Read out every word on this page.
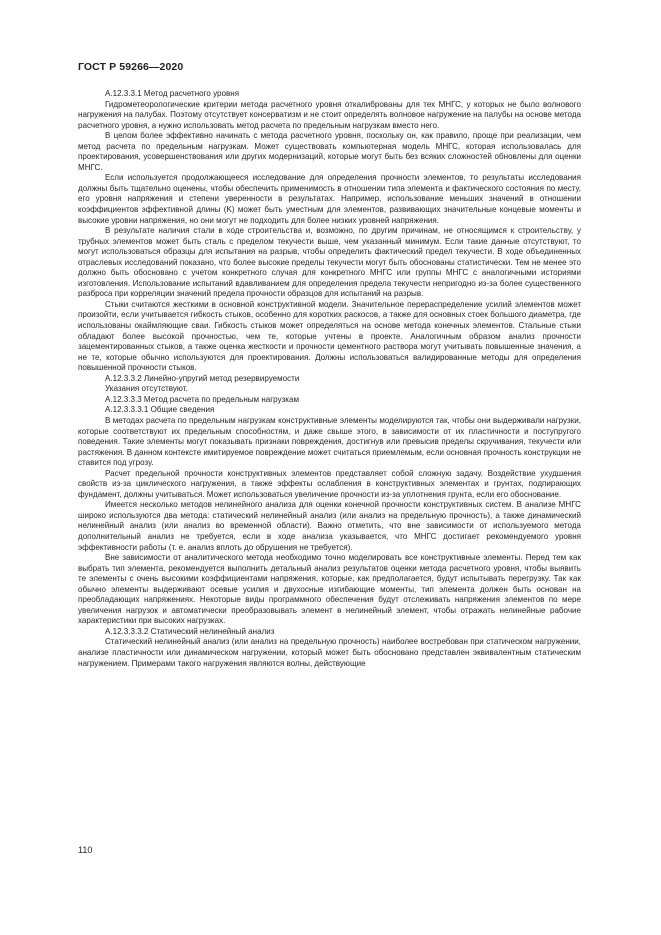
ГОСТ Р 59266—2020

А.12.3.3.1 Метод расчетного уровня

Гидрометеорологические критерии метода расчетного уровня откалиброваны для тех МНГС, у которых не было волнового нагружения на палубах. Поэтому отсутствует консерватизм и не стоит определять волновое нагружение на палубы на основе метода расчетного уровня, а нужно использовать метод расчета по предельным нагрузкам вместо него.

В целом более эффективно начинать с метода расчетного уровня, поскольку он, как правило, проще при реализации, чем метод расчета по предельным нагрузкам. Может существовать компьютерная модель МНГС, которая использовалась для проектирования, усовершенствования или других модернизаций, которые могут быть без всяких сложностей обновлены для оценки МНГС.

Если используется продолжающееся исследование для определения прочности элементов, то результаты исследования должны быть тщательно оценены, чтобы обеспечить применимость в отношении типа элемента и фактического состояния по месту, его уровня напряжения и степени уверенности в результатах. Например, использование меньших значений в отношении коэффициентов эффективной длины (K) может быть уместным для элементов, развивающих значительные концевые моменты и высокие уровни напряжения, но они могут не подходить для более низких уровней напряжения.

В результате наличия стали в ходе строительства и, возможно, по другим причинам, не относящимся к строительству, у трубных элементов может быть сталь с пределом текучести выше, чем указанный минимум. Если такие данные отсутствуют, то могут использоваться образцы для испытания на разрыв, чтобы определить фактический предел текучести. В ходе объединенных отраслевых исследований показано, что более высокие пределы текучести могут быть обоснованы статистически. Тем не менее это должно быть обосновано с учетом конкретного случая для конкретного МНГС или группы МНГС с аналогичными историями изготовления. Использование испытаний вдавливанием для определения предела текучести непригодно из-за более существенного разброса при корреляции значений предела прочности образцов для испытаний на разрыв.

Стыки считаются жесткими в основной конструктивной модели. Значительное перераспределение усилий элементов может произойти, если учитывается гибкость стыков, особенно для коротких раскосов, а также для основных стоек большого диаметра, где использованы окаймляющие сваи. Гибкость стыков может определяться на основе метода конечных элементов. Стальные стыки обладают более высокой прочностью, чем те, которые учтены в проекте. Аналогичным образом анализ прочности зацементированных стыков, а также оценка жесткости и прочности цементного раствора могут учитывать повышенные значения, а не те, которые обычно используются для проектирования. Должны использоваться валидированные методы для определения повышенной прочности стыков.

А.12.3.3.2 Линейно-упругий метод резервируемости

Указания отсутствуют.

А.12.3.3.3 Метод расчета по предельным нагрузкам

А.12.3.3.3.1 Общие сведения

В методах расчета по предельным нагрузкам конструктивные элементы моделируются так, чтобы они выдерживали нагрузки, которые соответствуют их предельным способностям, и даже свыше этого, в зависимости от их пластичности и поступругого поведения. Такие элементы могут показывать признаки повреждения, достигнув или превысив пределы скручивания, текучести или растяжения. В данном контексте имитируемое повреждение может считаться приемлемым, если основная прочность конструкции не ставится под угрозу.

Расчет предельной прочности конструктивных элементов представляет собой сложную задачу. Воздействие ухудшения свойств из-за циклического нагружения, а также эффекты ослабления в конструктивных элементах и грунтах, подпирающих фундамент, должны учитываться. Может использоваться увеличение прочности из-за уплотнения грунта, если его обоснование.

Имеется несколько методов нелинейного анализа для оценки конечной прочности конструктивных систем. В анализе МНГС широко используются два метода: статический нелинейный анализ (или анализ на предельную прочность), а также динамический нелинейный анализ (или анализ во временной области). Важно отметить, что вне зависимости от используемого метода дополнительный анализ не требуется, если в ходе анализа указывается, что МНГС достигает рекомендуемого уровня эффективности работы (т. е. анализ вплоть до обрушения не требуется).

Вне зависимости от аналитического метода необходимо точно моделировать все конструктивные элементы. Перед тем как выбрать тип элемента, рекомендуется выполнить детальный анализ результатов оценки метода расчетного уровня, чтобы выявить те элементы с очень высокими коэффициентами напряжения, которые, как предполагается, будут испытывать перегрузку. Так как обычно элементы выдерживают осевые усилия и двухосные изгибающие моменты, тип элемента должен быть основан на преобладающих напряжениях. Некоторые виды программного обеспечения будут отслеживать напряжения элементов по мере увеличения нагрузок и автоматически преобразовывать элемент в нелинейный элемент, чтобы отражать нелинейные рабочие характеристики при высоких нагрузках.

А.12.3.3.3.2 Статический нелинейный анализ

Статический нелинейный анализ (или анализ на предельную прочность) наиболее востребован при статическом нагружении, анализе пластичности или динамическом нагружении, который может быть обосновано представлен эквивалентным статическим нагружением. Примерами такого нагружения являются волны, действующие

110
